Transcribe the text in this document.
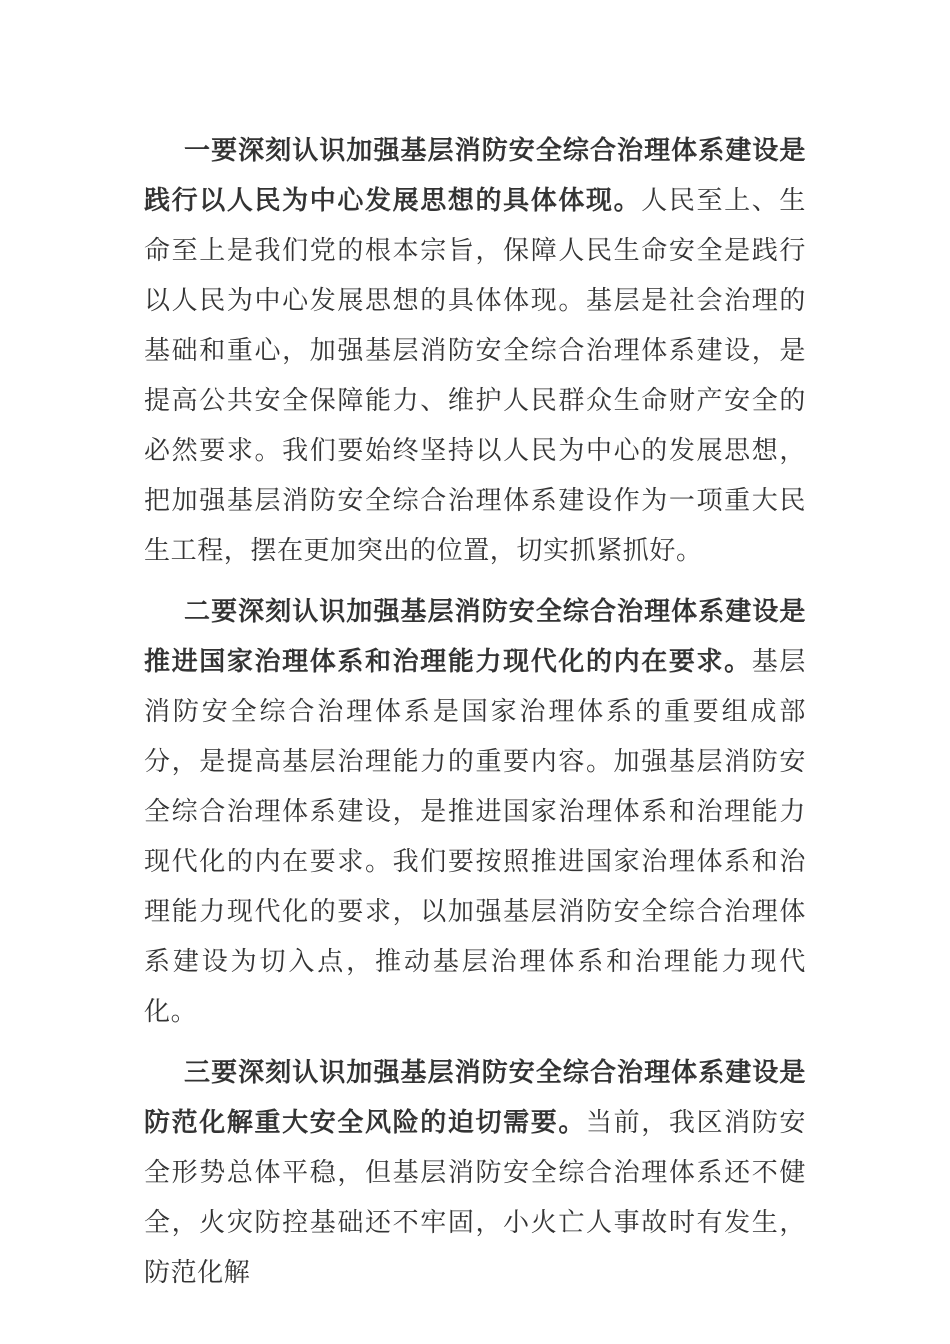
一要深刻认识加强基层消防安全综合治理体系建设是践行以人民为中心发展思想的具体体现。人民至上、生命至上是我们党的根本宗旨，保障人民生命安全是践行以人民为中心发展思想的具体体现。基层是社会治理的基础和重心，加强基层消防安全综合治理体系建设，是提高公共安全保障能力、维护人民群众生命财产安全的必然要求。我们要始终坚持以人民为中心的发展思想，把加强基层消防安全综合治理体系建设作为一项重大民生工程，摆在更加突出的位置，切实抓紧抓好。

二要深刻认识加强基层消防安全综合治理体系建设是推进国家治理体系和治理能力现代化的内在要求。基层消防安全综合治理体系是国家治理体系的重要组成部分，是提高基层治理能力的重要内容。加强基层消防安全综合治理体系建设，是推进国家治理体系和治理能力现代化的内在要求。我们要按照推进国家治理体系和治理能力现代化的要求，以加强基层消防安全综合治理体系建设为切入点，推动基层治理体系和治理能力现代化。

三要深刻认识加强基层消防安全综合治理体系建设是防范化解重大安全风险的迫切需要。当前，我区消防安全形势总体平稳，但基层消防安全综合治理体系还不健全，火灾防控基础还不牢固，小火亡人事故时有发生，防范化解
